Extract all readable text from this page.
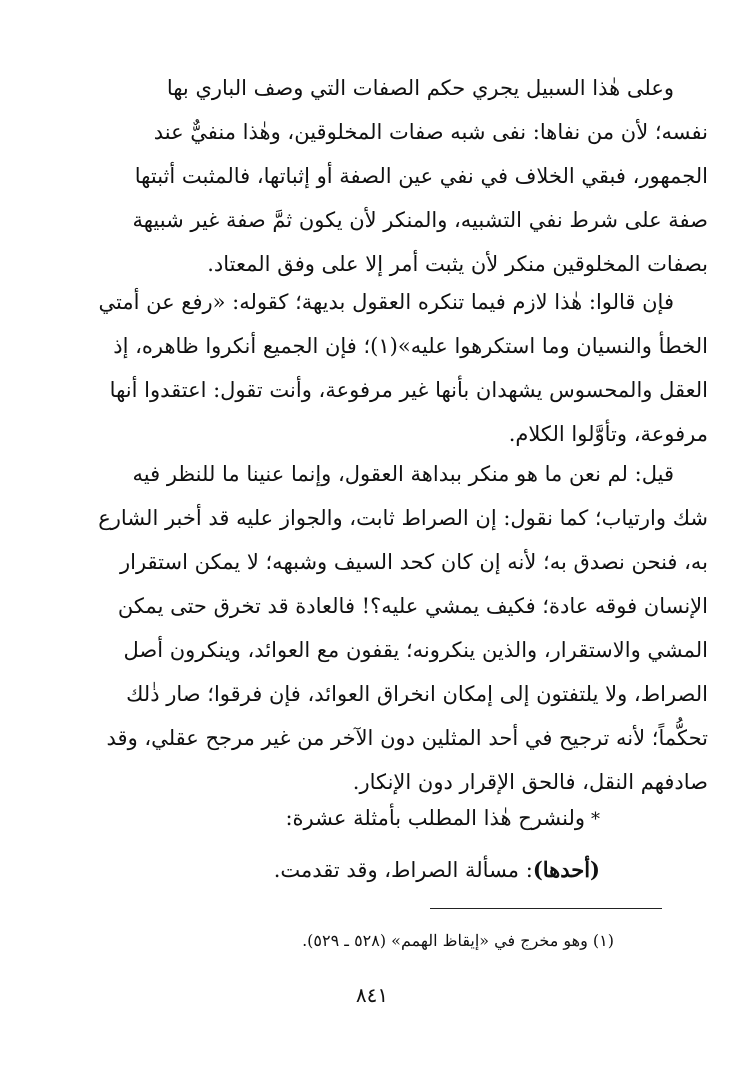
وعلى هٰذا السبيل يجري حكم الصفات التي وصف الباري بها
نفسه؛ لأن من نفاها: نفى شبه صفات المخلوقين، وهٰذا منفيٌّ عند
الجمهور، فبقي الخلاف في نفي عين الصفة أو إثباتها، فالمثبت أثبتها
صفة على شرط نفي التشبيه، والمنكر لأن يكون ثمَّ صفة غير شبيهة
بصفات المخلوقين منكر لأن يثبت أمر إلا على وفق المعتاد.
فإن قالوا: هٰذا لازم فيما تنكره العقول بديهة؛ كقوله: «رفع عن أمتي
الخطأ والنسيان وما استكرهوا عليه»(١)؛ فإن الجميع أنكروا ظاهره، إذ
العقل والمحسوس يشهدان بأنها غير مرفوعة، وأنت تقول: اعتقدوا أنها
مرفوعة، وتأوَّلوا الكلام.
قيل: لم نعن ما هو منكر ببداهة العقول، وإنما عنينا ما للنظر فيه
شك وارتياب؛ كما نقول: إن الصراط ثابت، والجواز عليه قد أخبر الشارع
به، فنحن نصدق به؛ لأنه إن كان كحد السيف وشبهه؛ لا يمكن استقرار
الإنسان فوقه عادة؛ فكيف يمشي عليه؟! فالعادة قد تخرق حتى يمكن
المشي والاستقرار، والذين ينكرونه؛ يقفون مع العوائد، وينكرون أصل
الصراط، ولا يلتفتون إلى إمكان انخراق العوائد، فإن فرقوا؛ صار ذٰلك
تحكُّماً؛ لأنه ترجيح في أحد المثلين دون الآخر من غير مرجح عقلي، وقد
صادفهم النقل، فالحق الإقرار دون الإنكار.
*ولنشرح هٰذا المطلب بأمثلة عشرة:
(أحدها): مسألة الصراط، وقد تقدمت.
(١) وهو مخرج في «إيقاظ الهمم» (٥٢٨ ـ ٥٢٩).
٨٤١
